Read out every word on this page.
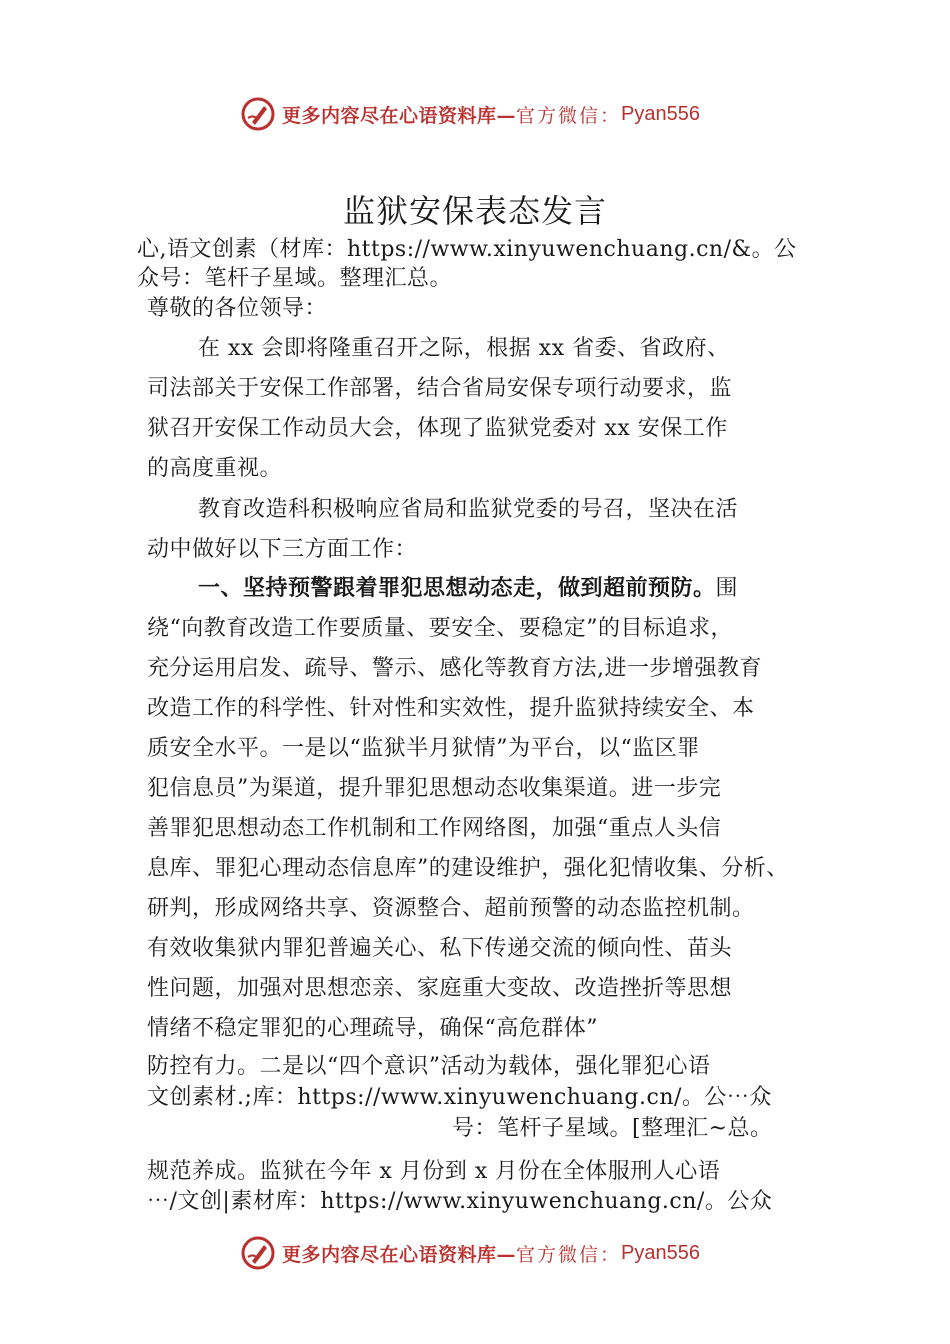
更多内容尽在心语资料库— 官方微信： Pyan556
监狱安保表态发言
心,语文创素（材库：https://www.xinyuwenchuang.cn/&。公
众号：笔杆子星域。整理汇总。
尊敬的各位领导：
在 xx 会即将隆重召开之际，根据 xx 省委、省政府、
司法部关于安保工作部署，结合省局安保专项行动要求，监
狱召开安保工作动员大会，体现了监狱党委对 xx 安保工作
的高度重视。
教育改造科积极响应省局和监狱党委的号召，坚决在活
动中做好以下三方面工作：
一、坚持预警跟着罪犯思想动态走，做到超前预防。围
绕“向教育改造工作要质量、要安全、要稳定”的目标追求，
充分运用启发、疏导、警示、感化等教育方法,进一步增强教育
改造工作的科学性、针对性和实效性，提升监狱持续安全、本
质安全水平。一是以“监狱半月狱情”为平台，以“监区罪
犯信息员”为渠道，提升罪犯思想动态收集渠道。进一步完
善罪犯思想动态工作机制和工作网络图，加强“重点人头信
息库、罪犯心理动态信息库”的建设维护，强化犯情收集、分析、
研判，形成网络共享、资源整合、超前预警的动态监控机制。
有效收集狱内罪犯普遍关心、私下传递交流的倾向性、苗头
性问题，加强对思想恋亲、家庭重大变故、改造挫折等思想
情绪不稳定罪犯的心理疏导，确保“高危群体”
防控有力。二是以“四个意识”活动为载体，强化罪犯心语
文创素材.;库：https://www.xinyuwenchuang.cn/。公⋯众
号：笔杆子星域。[整理汇~总。
规范养成。监狱在今年 x 月份到 x 月份在全体服刑人心语
⋯/文创|素材库：https://www.xinyuwenchuang.cn/。公众
更多内容尽在心语资料库— 官方微信： Pyan556
